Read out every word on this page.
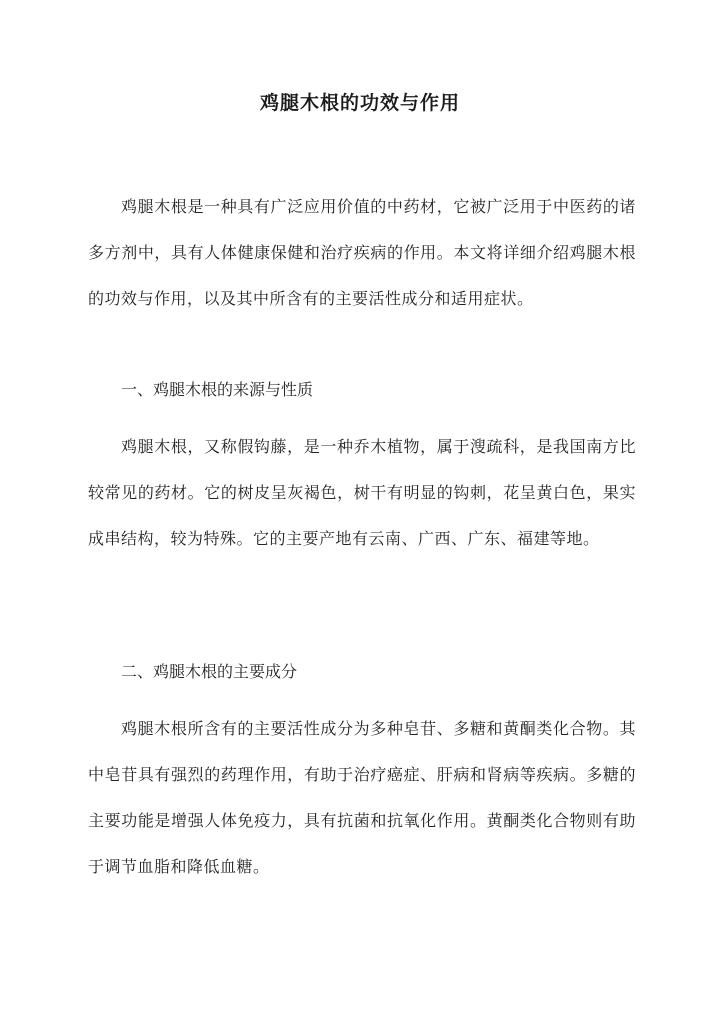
鸡腿木根的功效与作用
鸡腿木根是一种具有广泛应用价值的中药材，它被广泛用于中医药的诸多方剂中，具有人体健康保健和治疗疾病的作用。本文将详细介绍鸡腿木根的功效与作用，以及其中所含有的主要活性成分和适用症状。
一、鸡腿木根的来源与性质
鸡腿木根，又称假钩藤，是一种乔木植物，属于溲疏科，是我国南方比较常见的药材。它的树皮呈灰褐色，树干有明显的钩刺，花呈黄白色，果实成串结构，较为特殊。它的主要产地有云南、广西、广东、福建等地。
二、鸡腿木根的主要成分
鸡腿木根所含有的主要活性成分为多种皂苷、多糖和黄酮类化合物。其中皂苷具有强烈的药理作用，有助于治疗癌症、肝病和肾病等疾病。多糖的主要功能是增强人体免疫力，具有抗菌和抗氧化作用。黄酮类化合物则有助于调节血脂和降低血糖。
